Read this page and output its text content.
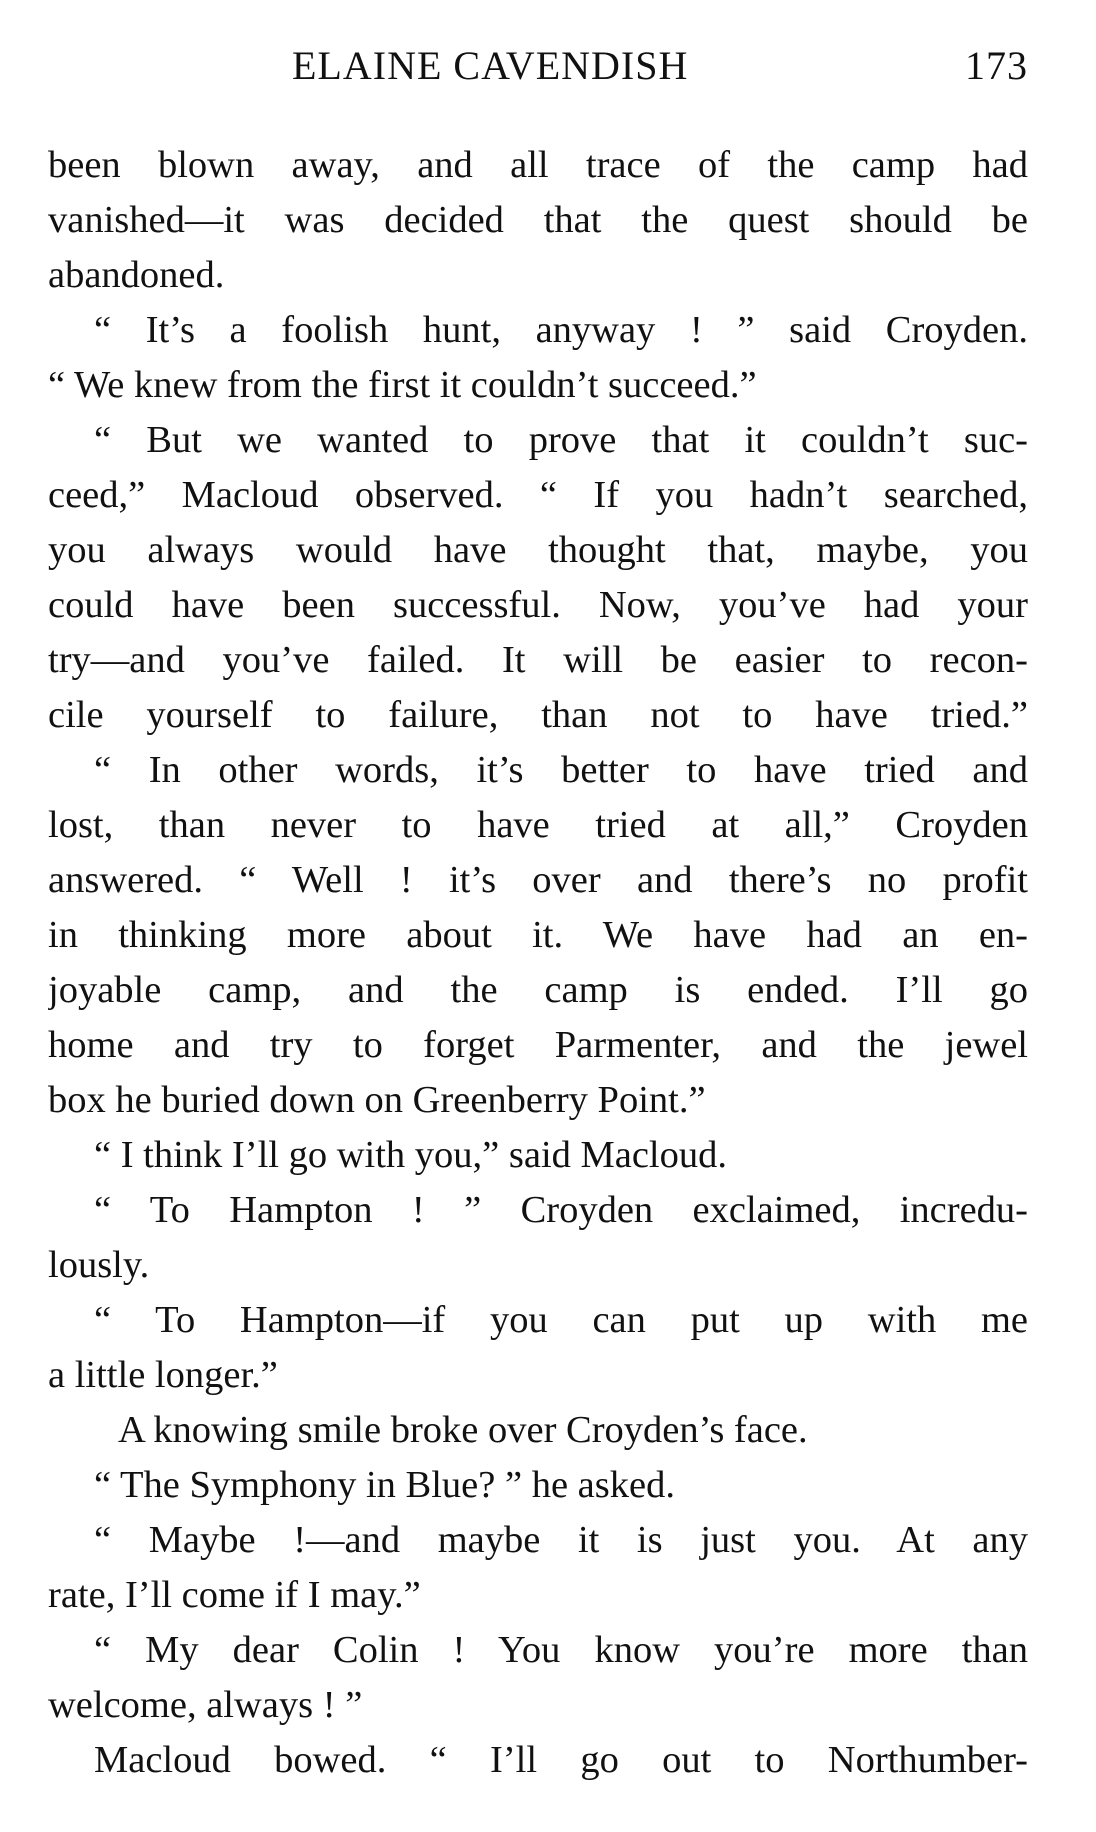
ELAINE CAVENDISH	173
been blown away, and all trace of the camp had
vanished—it was decided that the quest should be
abandoned.
“ It’s a foolish hunt, anyway ! ” said Croyden.
“ We knew from the first it couldn’t succeed.”
“ But we wanted to prove that it couldn’t suc-
ceed,” Macloud observed. “ If you hadn’t searched,
you always would have thought that, maybe, you
could have been successful. Now, you’ve had your
try—and you’ve failed. It will be easier to recon-
cile yourself to failure, than not to have tried.”
“ In other words, it’s better to have tried and
lost, than never to have tried at all,” Croyden
answered. “ Well ! it’s over and there’s no profit
in thinking more about it. We have had an en-
joyable camp, and the camp is ended. I’ll go
home and try to forget Parmenter, and the jewel
box he buried down on Greenberry Point.”
“ I think I’ll go with you,” said Macloud.
“ To Hampton ! ” Croyden exclaimed, incredu-
lously.
“ To Hampton—if you can put up with me
a little longer.”
A knowing smile broke over Croyden’s face.
“ The Symphony in Blue? ” he asked.
“ Maybe !—and maybe it is just you. At any
rate, I’ll come if I may.”
“ My dear Colin ! You know you’re more than
welcome, always ! ”
Macloud bowed. “ I’ll go out to Northumber-
